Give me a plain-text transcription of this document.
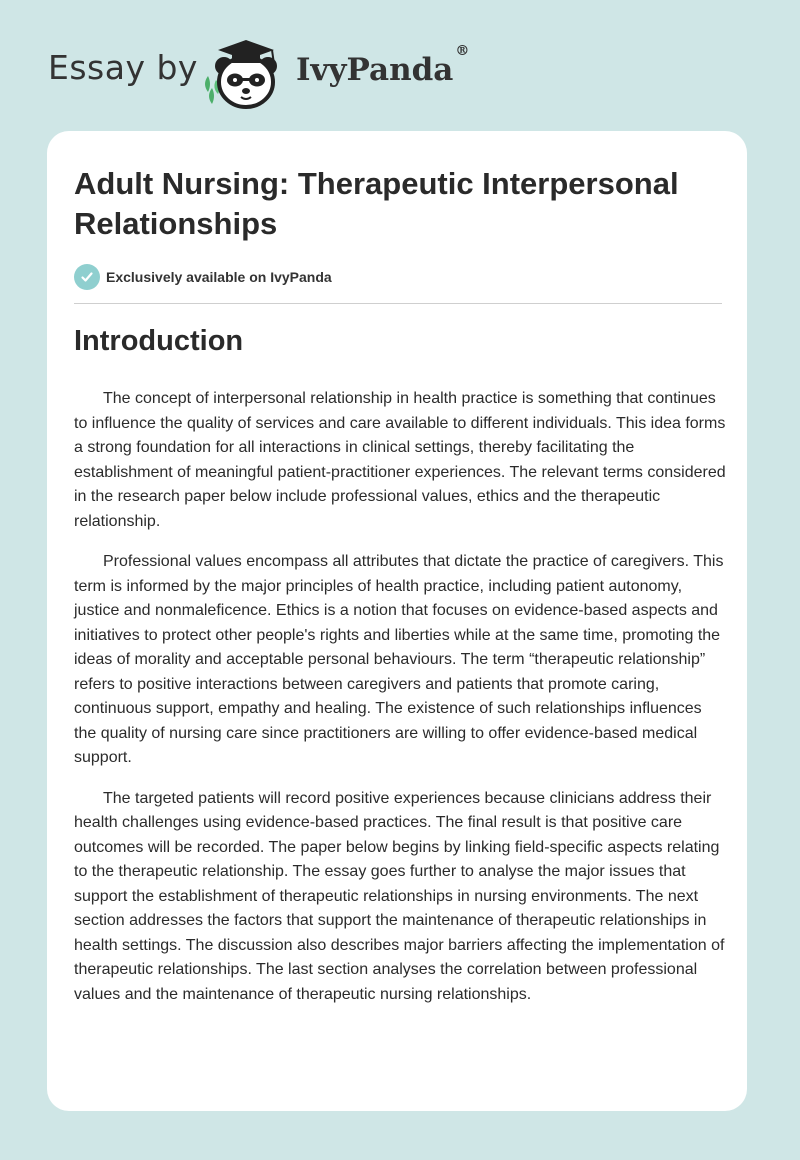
Essay by	IvyPanda®
Adult Nursing: Therapeutic Interpersonal Relationships
Exclusively available on IvyPanda
Introduction

The concept of interpersonal relationship in health practice is something that continues to influence the quality of services and care available to different individuals. This idea forms a strong foundation for all interactions in clinical settings, thereby facilitating the establishment of meaningful patient-practitioner experiences. The relevant terms considered in the research paper below include professional values, ethics and the therapeutic relationship.

Professional values encompass all attributes that dictate the practice of caregivers. This term is informed by the major principles of health practice, including patient autonomy, justice and nonmaleficence. Ethics is a notion that focuses on evidence-based aspects and initiatives to protect other people's rights and liberties while at the same time, promoting the ideas of morality and acceptable personal behaviours. The term “therapeutic relationship” refers to positive interactions between caregivers and patients that promote caring, continuous support, empathy and healing. The existence of such relationships influences the quality of nursing care since practitioners are willing to offer evidence-based medical support.

The targeted patients will record positive experiences because clinicians address their health challenges using evidence-based practices. The final result is that positive care outcomes will be recorded. The paper below begins by linking field-specific aspects relating to the therapeutic relationship. The essay goes further to analyse the major issues that support the establishment of therapeutic relationships in nursing environments. The next section addresses the factors that support the maintenance of therapeutic relationships in health settings. The discussion also describes major barriers affecting the implementation of therapeutic relationships. The last section analyses the correlation between professional values and the maintenance of therapeutic nursing relationships.
